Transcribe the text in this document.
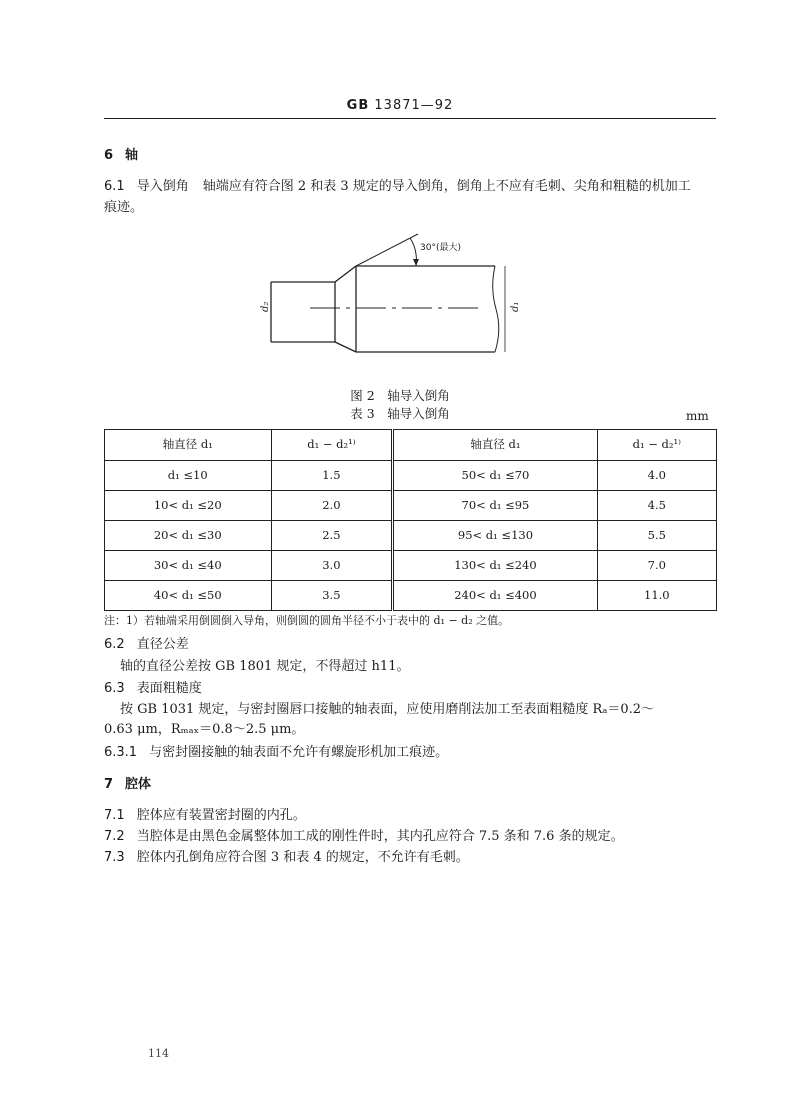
GB 13871—92
6 轴
6.1 导入倒角 轴端应有符合图 2 和表 3 规定的导入倒角，倒角上不应有毛刺、尖角和粗糙的机加工
痕迹。
30°(最大)
d₂	d₁
图 2　轴导入倒角
表 3　轴导入倒角	mm
轴直径 d₁	d₁ − d₂¹⁾	轴直径 d₁	d₁ − d₂¹⁾
d₁ ≤10	1.5	50< d₁ ≤70	4.0
10< d₁ ≤20	2.0	70< d₁ ≤95	4.5
20< d₁ ≤30	2.5	95< d₁ ≤130	5.5
30< d₁ ≤40	3.0	130< d₁ ≤240	7.0
40< d₁ ≤50	3.5	240< d₁ ≤400	11.0
注：1）若轴端采用倒圆倒入导角，则倒圆的圆角半径不小于表中的 d₁ − d₂ 之值。
6.2 直径公差
轴的直径公差按 GB 1801 规定，不得超过 h11。
6.3 表面粗糙度
按 GB 1031 规定，与密封圈唇口接触的轴表面，应使用磨削法加工至表面粗糙度 Rₐ＝0.2～
0.63 μm，Rₘₐₓ＝0.8～2.5 μm。
6.3.1 与密封圈接触的轴表面不允许有螺旋形机加工痕迹。
7 腔体
7.1 腔体应有装置密封圈的内孔。
7.2 当腔体是由黑色金属整体加工成的刚性件时，其内孔应符合 7.5 条和 7.6 条的规定。
7.3 腔体内孔倒角应符合图 3 和表 4 的规定，不允许有毛刺。
114
